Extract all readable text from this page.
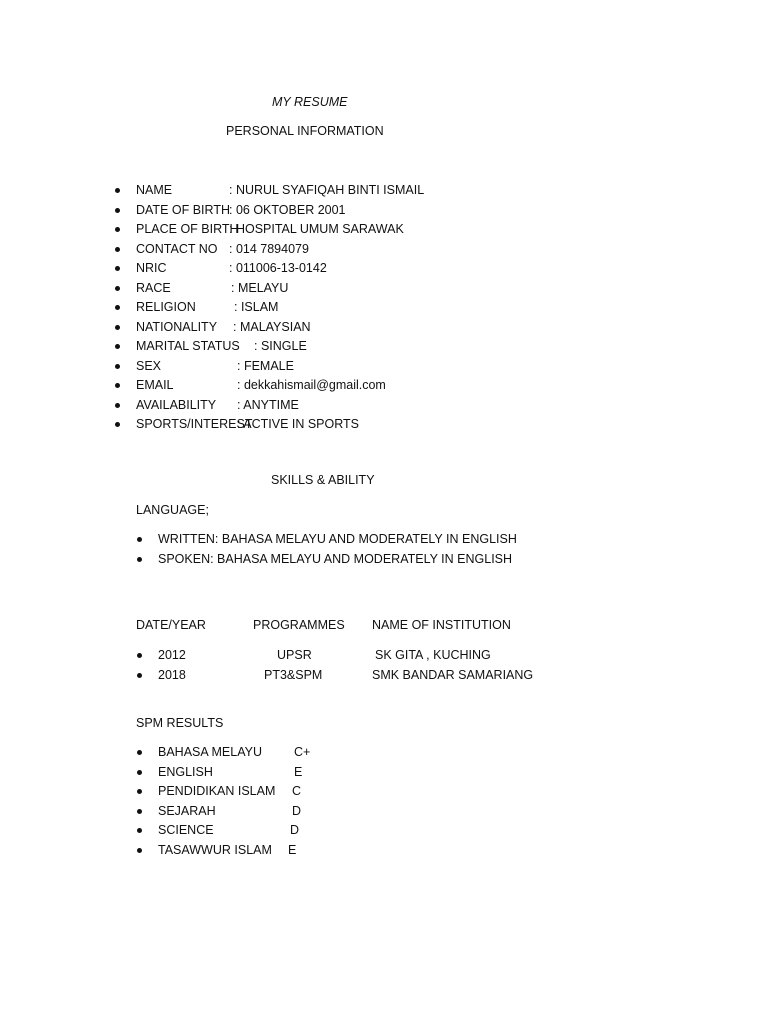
MY RESUME
PERSONAL INFORMATION
NAME	: NURUL SYAFIQAH BINTI ISMAIL
DATE OF BIRTH : 06 OKTOBER 2001
PLACE OF BIRTH
: HOSPITAL UMUM SARAWAK
CONTACT NO : 014 7894079
NRIC	: 011006-13-0142
RACE	: MELAYU
RELIGION	: ISLAM
NATIONALITY : MALAYSIAN
MARITAL STATUS : SINGLE
SEX	: FEMALE
EMAIL	: dekkahismail@gmail.com
AVAILABILITY : ANYTIME
SPORTS/INTEREST
: ACTIVE IN SPORTS
SKILLS & ABILITY
LANGUAGE;
WRITTEN: BAHASA MELAYU AND MODERATELY IN ENGLISH
SPOKEN: BAHASA MELAYU AND MODERATELY IN ENGLISH
DATE/YEAR	PROGRAMMES NAME OF INSTITUTION
2012	UPSR	SK GITA , KUCHING
2018	PT3&SPM	SMK BANDAR SAMARIANG
SPM RESULTS
BAHASA MELAYU	C+
ENGLISH	E
PENDIDIKAN ISLAM C
SEJARAH	D
SCIENCE	D
TASAWWUR ISLAM E
